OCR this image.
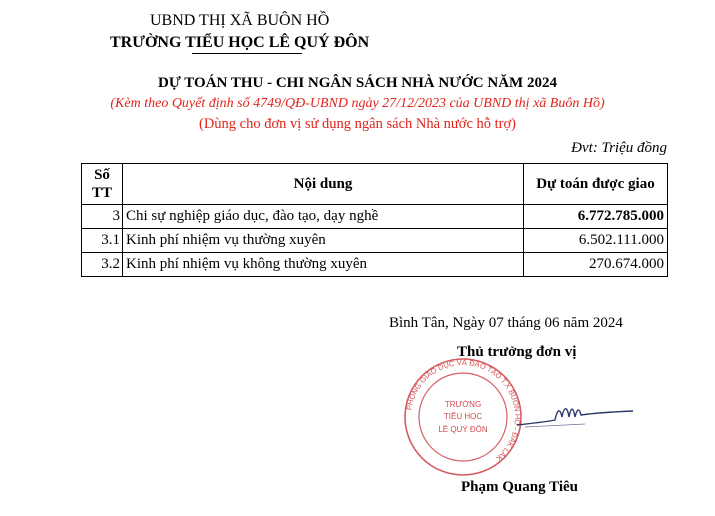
UBND THỊ XÃ BUÔN HỒ
TRƯỜNG TIỂU HỌC LÊ QUÝ ĐÔN
DỰ TOÁN THU - CHI NGÂN SÁCH NHÀ NƯỚC NĂM 2024
(Kèm theo Quyết định số 4749/QĐ-UBND ngày 27/12/2023 của UBND thị xã Buôn Hồ)
(Dùng cho đơn vị sử dụng ngân sách Nhà nước hỗ trợ)
Đvt: Triệu đồng
Số TT	Nội dung	Dự toán được giao
3	Chi sự nghiệp giáo dục, đào tạo, dạy nghề	6.772.785.000
3.1	Kinh phí nhiệm vụ thường xuyên	6.502.111.000
3.2	Kinh phí nhiệm vụ không thường xuyên	270.674.000
Bình Tân, Ngày 07 tháng 06 năm 2024
Thủ trưởng đơn vị
PHÒNG GIÁO DỤC VÀ ĐÀO TẠO T.X BUÔN HỒ - ĐẮK LẮK
TRƯỜNG
TIỂU HỌC
LÊ QUÝ ĐÔN
Phạm Quang Tiêu
